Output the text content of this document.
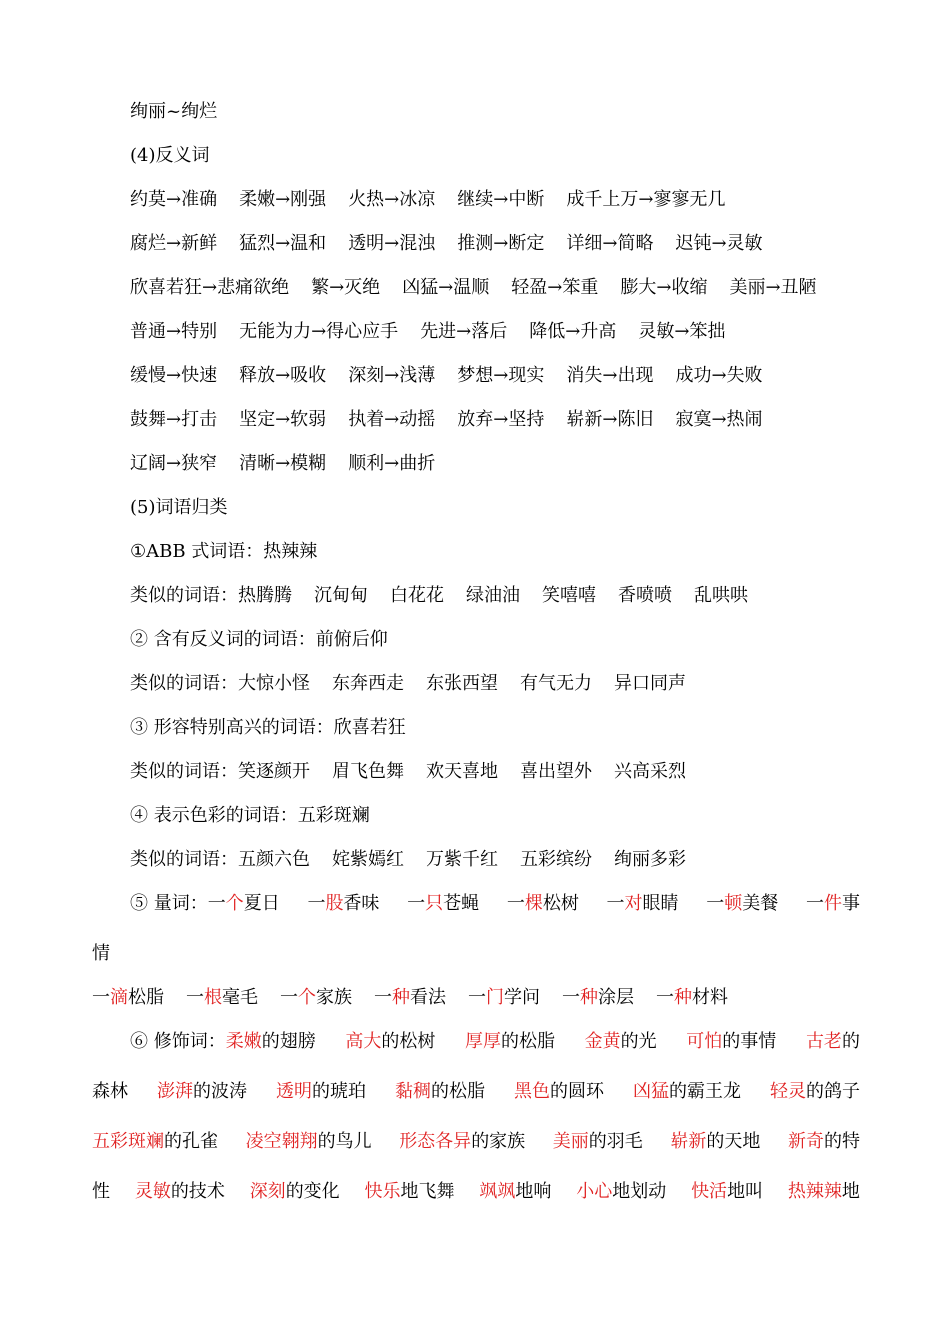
绚丽~绚烂
(4)反义词
约莫→准确 柔嫩→刚强 火热→冰凉 继续→中断 成千上万→寥寥无几
腐烂→新鲜 猛烈→温和 透明→混浊 推测→断定 详细→简略 迟钝→灵敏
欣喜若狂→悲痛欲绝 繁→灭绝 凶猛→温顺 轻盈→笨重 膨大→收缩 美丽→丑陋
普通→特别 无能为力→得心应手 先进→落后 降低→升高 灵敏→笨拙
缓慢→快速 释放→吸收 深刻→浅薄 梦想→现实 消失→出现 成功→失败
鼓舞→打击 坚定→软弱 执着→动摇 放弃→坚持 崭新→陈旧 寂寞→热闹
辽阔→狭窄 清晰→模糊 顺利→曲折
(5)词语归类
①ABB 式词语：热辣辣
类似的词语：热腾腾 沉甸甸 白花花 绿油油 笑嘻嘻 香喷喷 乱哄哄
② 含有反义词的词语：前俯后仰
类似的词语：大惊小怪 东奔西走 东张西望 有气无力 异口同声
③ 形容特别高兴的词语：欣喜若狂
类似的词语：笑逐颜开 眉飞色舞 欢天喜地 喜出望外 兴高采烈
④ 表示色彩的词语：五彩斑斓
类似的词语：五颜六色 姹紫嫣红 万紫千红 五彩缤纷 绚丽多彩
⑤ 量词：一个夏日 一股香味 一只苍蝇 一棵松树 一对眼睛 一顿美餐 一件事
情
一滴松脂 一根毫毛 一个家族 一种看法 一门学问 一种涂层 一种材料
⑥ 修饰词：柔嫩的翅膀 高大的松树 厚厚的松脂 金黄的光 可怕的事情 古老的
森林 澎湃的波涛 透明的琥珀 黏稠的松脂 黑色的圆环 凶猛的霸王龙 轻灵的鸽子
五彩斑斓的孔雀 凌空翱翔的鸟儿 形态各异的家族 美丽的羽毛 崭新的天地 新奇的特
性 灵敏的技术 深刻的变化 快乐地飞舞 飒飒地响 小心地划动 快活地叫 热辣辣地
